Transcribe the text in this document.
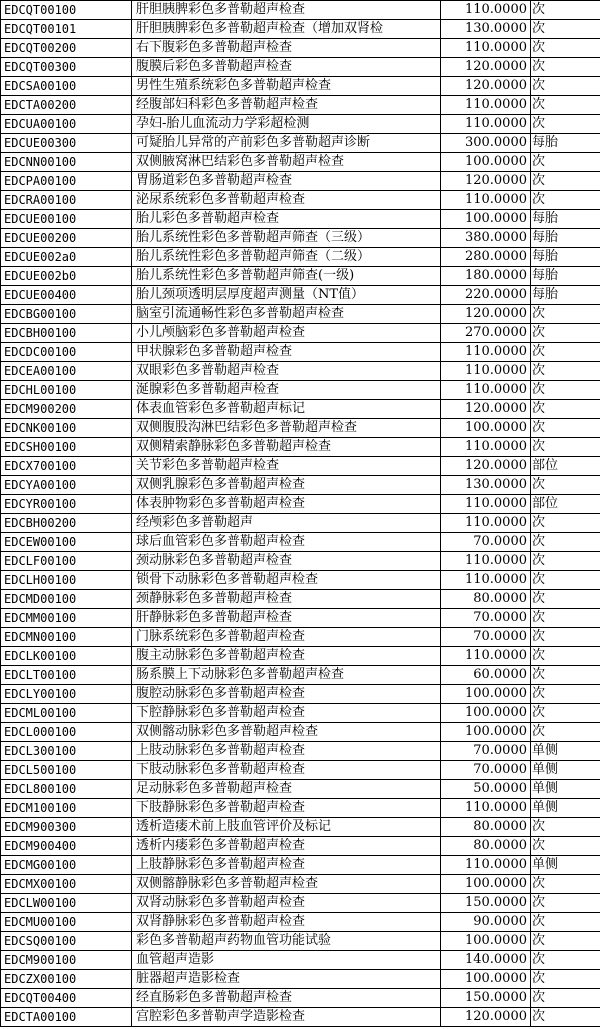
EDCQT00100	肝胆胰脾彩色多普勒超声检查	110.0000	次
EDCQT00101	肝胆胰脾彩色多普勒超声检查（增加双肾检	130.0000	次
EDCQT00200	右下腹彩色多普勒超声检查	110.0000	次
EDCQT00300	腹膜后彩色多普勒超声检查	120.0000	次
EDCSA00100	男性生殖系统彩色多普勒超声检查	120.0000	次
EDCTA00200	经腹部妇科彩色多普勒超声检查	110.0000	次
EDCUA00100	孕妇-胎儿血流动力学彩超检测	110.0000	次
EDCUE00300	可疑胎儿异常的产前彩色多普勒超声诊断	300.0000	每胎
EDCNN00100	双侧腋窝淋巴结彩色多普勒超声检查	100.0000	次
EDCPA00100	胃肠道彩色多普勒超声检查	120.0000	次
EDCRA00100	泌尿系统彩色多普勒超声检查	110.0000	次
EDCUE00100	胎儿彩色多普勒超声检查	100.0000	每胎
EDCUE00200	胎儿系统性彩色多普勒超声筛查（三级）	380.0000	每胎
EDCUE002a0	胎儿系统性彩色多普勒超声筛查（二级）	280.0000	每胎
EDCUE002b0	胎儿系统性彩色多普勒超声筛查(一级)	180.0000	每胎
EDCUE00400	胎儿颈项透明层厚度超声测量（NT值）	220.0000	每胎
EDCBG00100	脑室引流通畅性彩色多普勒超声检查	120.0000	次
EDCBH00100	小儿颅脑彩色多普勒超声检查	270.0000	次
EDCDC00100	甲状腺彩色多普勒超声检查	110.0000	次
EDCEA00100	双眼彩色多普勒超声检查	110.0000	次
EDCHL00100	涎腺彩色多普勒超声检查	110.0000	次
EDCM900200	体表血管彩色多普勒超声标记	120.0000	次
EDCNK00100	双侧腹股沟淋巴结彩色多普勒超声检查	100.0000	次
EDCSH00100	双侧精索静脉彩色多普勒超声检查	110.0000	次
EDCX700100	关节彩色多普勒超声检查	120.0000	部位
EDCYA00100	双侧乳腺彩色多普勒超声检查	130.0000	次
EDCYR00100	体表肿物彩色多普勒超声检查	110.0000	部位
EDCBH00200	经颅彩色多普勒超声	110.0000	次
EDCEW00100	球后血管彩色多普勒超声检查	70.0000	次
EDCLF00100	颈动脉彩色多普勒超声检查	110.0000	次
EDCLH00100	锁骨下动脉彩色多普勒超声检查	110.0000	次
EDCMD00100	颈静脉彩色多普勒超声检查	80.0000	次
EDCMM00100	肝静脉彩色多普勒超声检查	70.0000	次
EDCMN00100	门脉系统彩色多普勒超声检查	70.0000	次
EDCLK00100	腹主动脉彩色多普勒超声检查	110.0000	次
EDCLT00100	肠系膜上下动脉彩色多普勒超声检查	60.0000	次
EDCLY00100	腹腔动脉彩色多普勒超声检查	100.0000	次
EDCML00100	下腔静脉彩色多普勒超声检查	100.0000	次
EDCL000100	双侧髂动脉彩色多普勒超声检查	100.0000	次
EDCL300100	上肢动脉彩色多普勒超声检查	70.0000	单侧
EDCL500100	下肢动脉彩色多普勒超声检查	70.0000	单侧
EDCL800100	足动脉彩色多普勒超声检查	50.0000	单侧
EDCM100100	下肢静脉彩色多普勒超声检查	110.0000	单侧
EDCM900300	透析造瘘术前上肢血管评价及标记	80.0000	次
EDCM900400	透析内瘘彩色多普勒超声检查	80.0000	次
EDCMG00100	上肢静脉彩色多普勒超声检查	110.0000	单侧
EDCMX00100	双侧髂静脉彩色多普勒超声检查	100.0000	次
EDCLW00100	双肾动脉彩色多普勒超声检查	150.0000	次
EDCMU00100	双肾静脉彩色多普勒超声检查	90.0000	次
EDCSQ00100	彩色多普勒超声药物血管功能试验	100.0000	次
EDCM900100	血管超声造影	140.0000	次
EDCZX00100	脏器超声造影检查	100.0000	次
EDCQT00400	经直肠彩色多普勒超声检查	150.0000	次
EDCTA00100	宫腔彩色多普勒声学造影检查	120.0000	次
